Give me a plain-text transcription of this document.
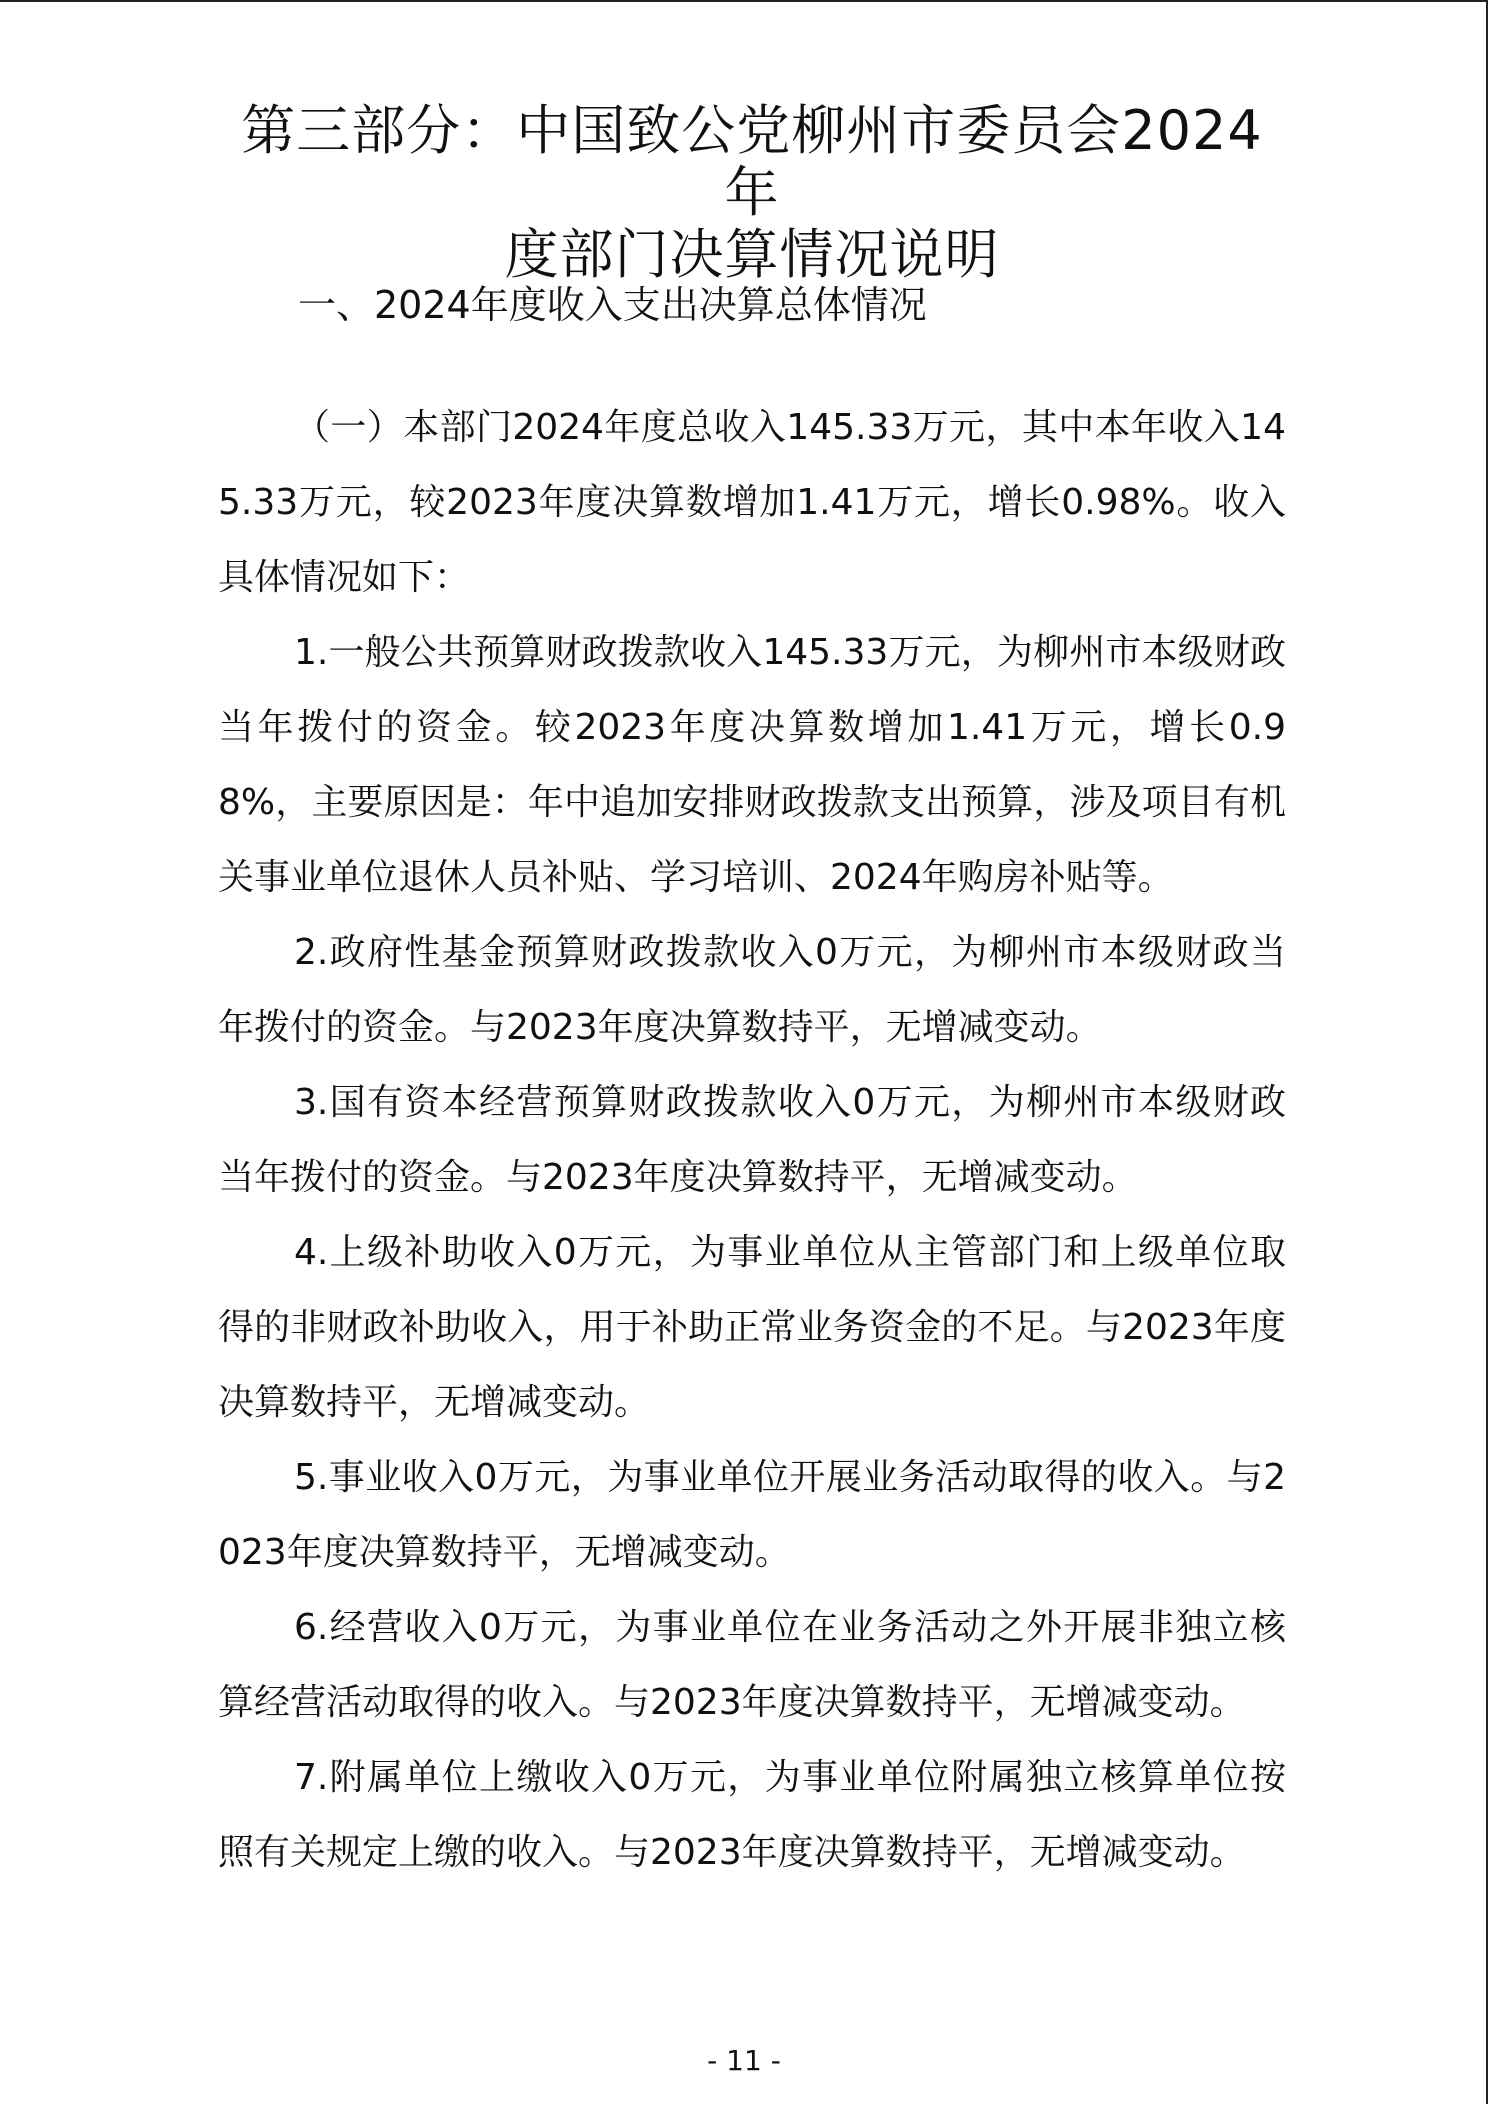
第三部分：中国致公党柳州市委员会2024年
度部门决算情况说明
一、2024年度收入支出决算总体情况

（一）本部门2024年度总收入145.33万元，其中本年收入145.33万元，较2023年度决算数增加1.41万元，增长0.98%。收入具体情况如下：

1.一般公共预算财政拨款收入145.33万元，为柳州市本级财政当年拨付的资金。较2023年度决算数增加1.41万元，增长0.98%，主要原因是：年中追加安排财政拨款支出预算，涉及项目有机关事业单位退休人员补贴、学习培训、2024年购房补贴等。

2.政府性基金预算财政拨款收入0万元，为柳州市本级财政当年拨付的资金。与2023年度决算数持平，无增减变动。

3.国有资本经营预算财政拨款收入0万元，为柳州市本级财政当年拨付的资金。与2023年度决算数持平，无增减变动。

4.上级补助收入0万元，为事业单位从主管部门和上级单位取得的非财政补助收入，用于补助正常业务资金的不足。与2023年度决算数持平，无增减变动。

5.事业收入0万元，为事业单位开展业务活动取得的收入。与2023年度决算数持平，无增减变动。

6.经营收入0万元，为事业单位在业务活动之外开展非独立核算经营活动取得的收入。与2023年度决算数持平，无增减变动。

7.附属单位上缴收入0万元，为事业单位附属独立核算单位按照有关规定上缴的收入。与2023年度决算数持平，无增减变动。

- 11 -
